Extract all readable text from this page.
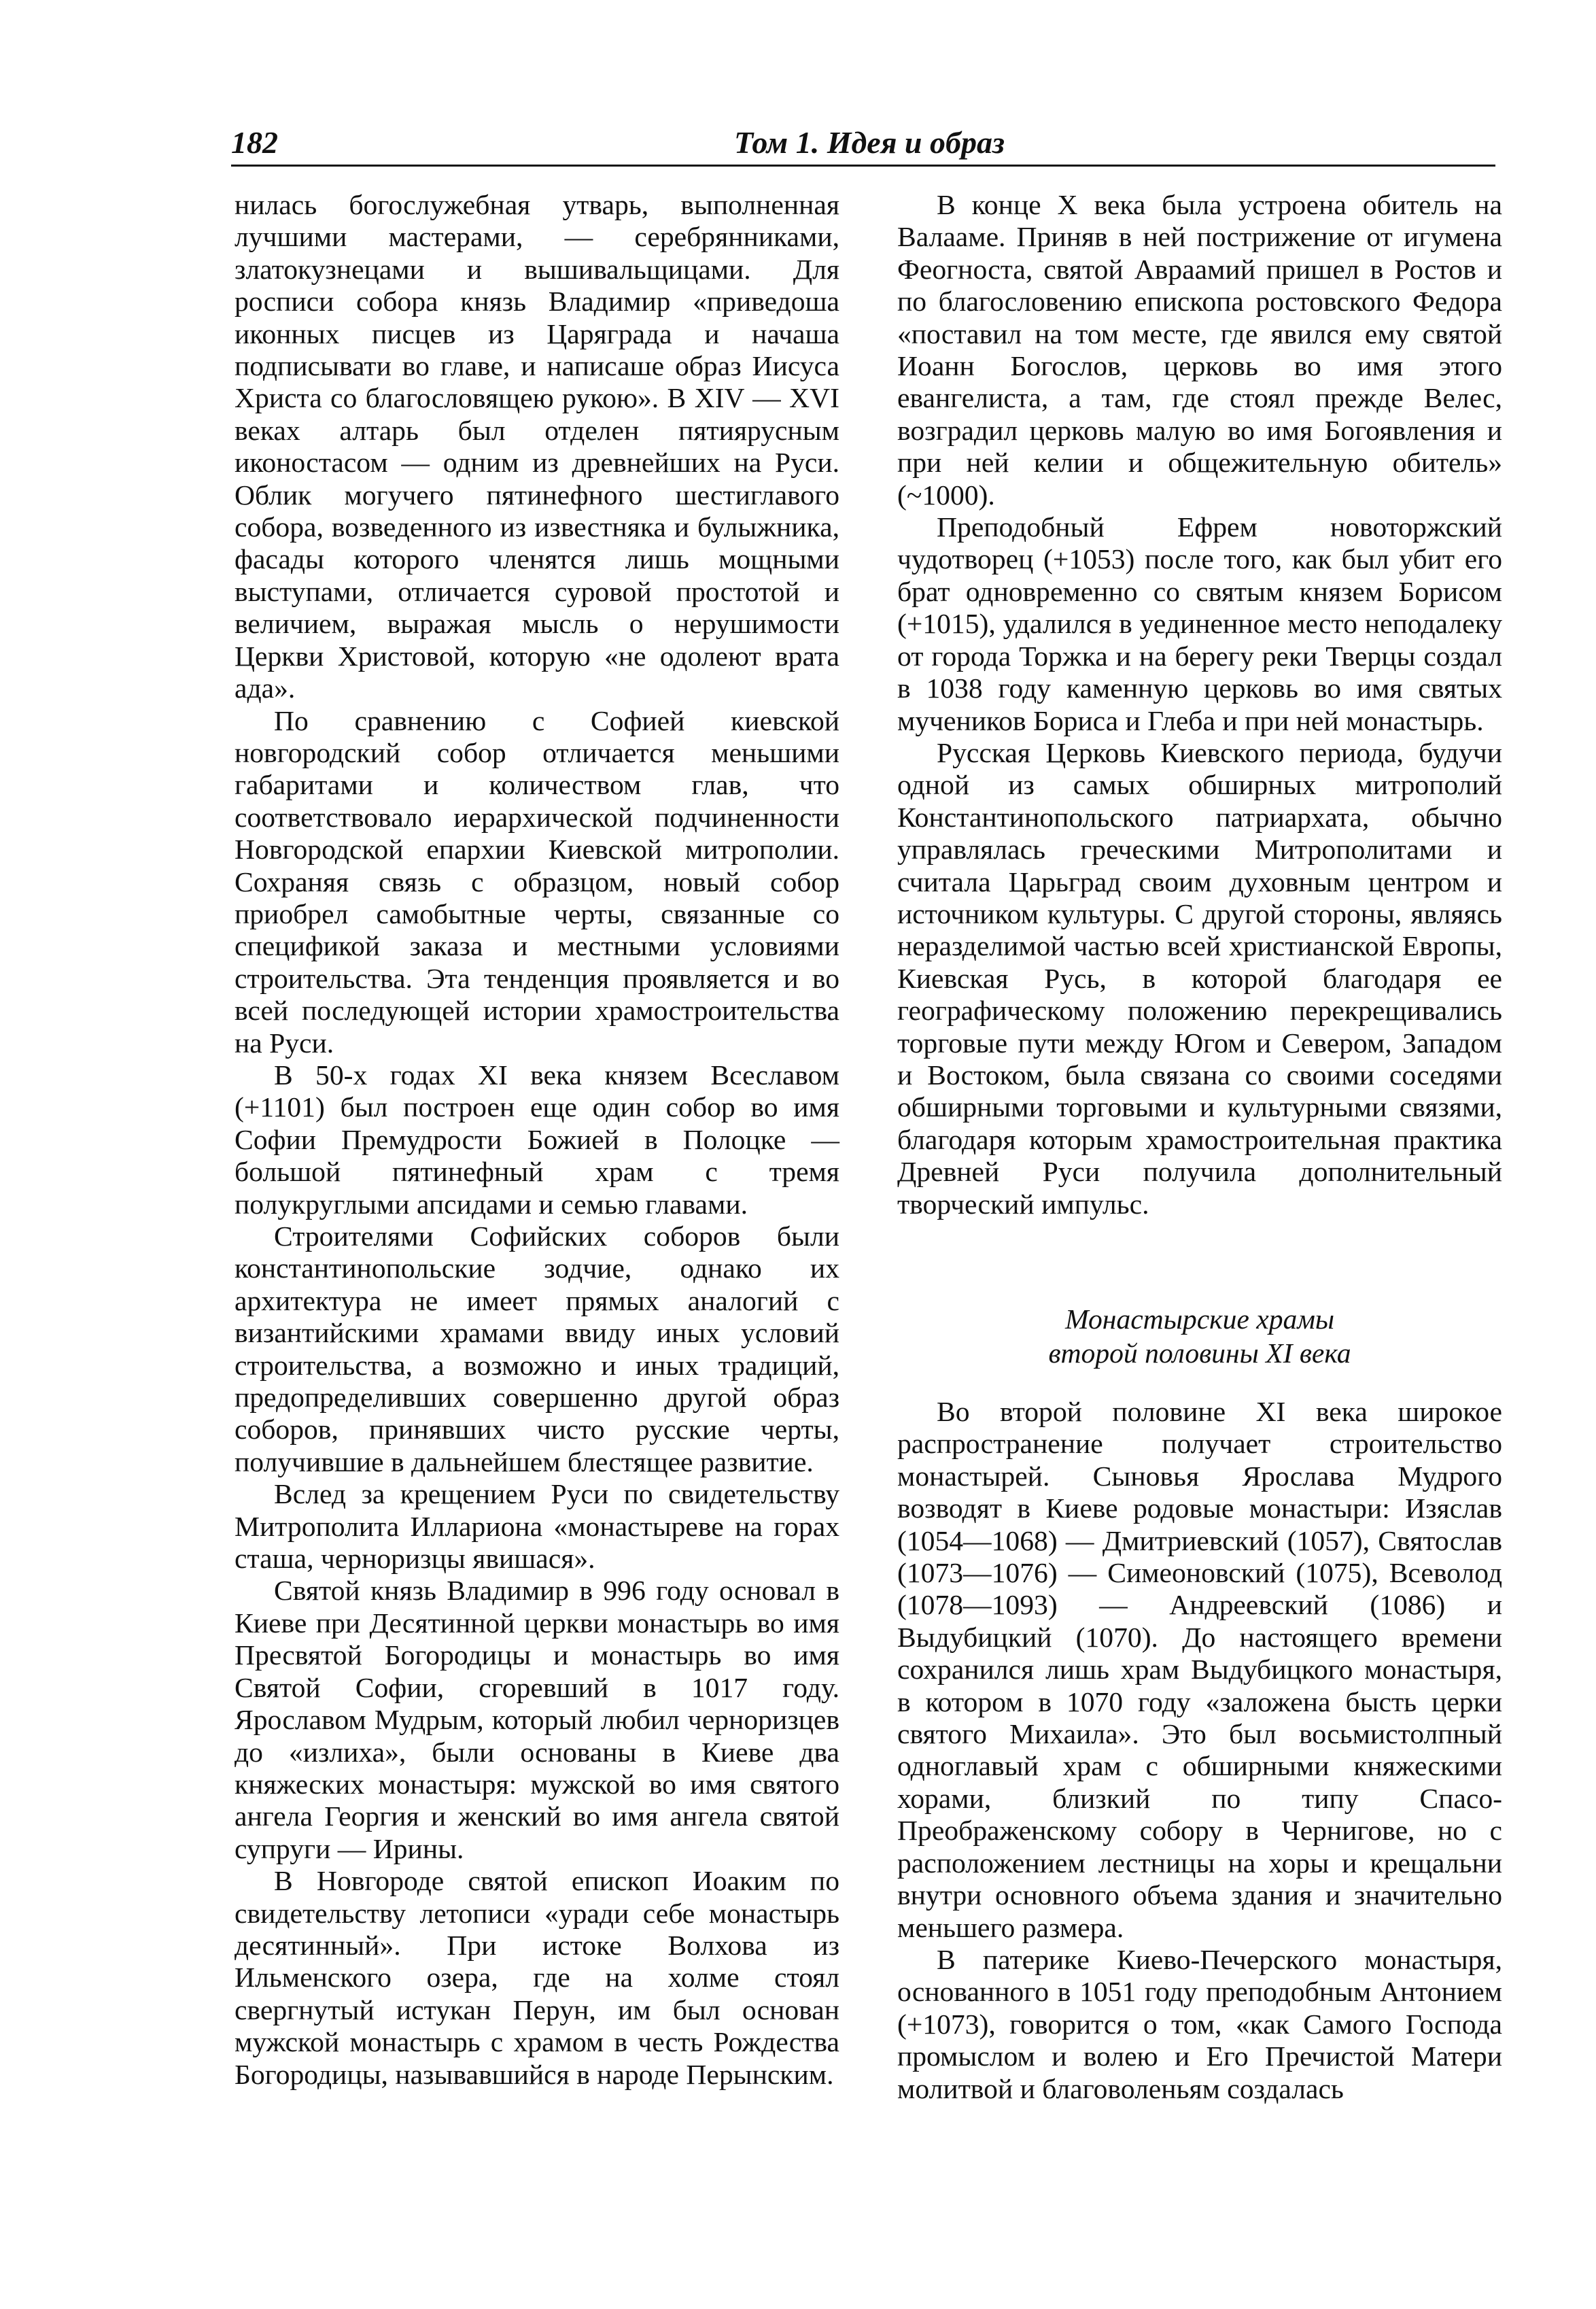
182	Том 1. Идея и образ

нилась богослужебная утварь, выполненная лучшими мастерами, — серебрянниками, златокузнецами и вышивальщицами. Для росписи собора князь Владимир «приведоша иконных писцев из Царяграда и начаша подписывати во главе, и написаше образ Иисуса Христа со благословящею рукою». В XIV — XVI веках алтарь был отделен пятиярусным иконостасом — одним из древнейших на Руси. Облик могучего пятинефного шестиглавого собора, возведенного из известняка и булыжника, фасады которого членятся лишь мощными выступами, отличается суровой простотой и величием, выражая мысль о нерушимости Церкви Христовой, которую «не одолеют врата ада».

По сравнению с Софией киевской новгородский собор отличается меньшими габаритами и количеством глав, что соответствовало иерархической подчиненности Новгородской епархии Киевской митрополии. Сохраняя связь с образцом, новый собор приобрел самобытные черты, связанные со спецификой заказа и местными условиями строительства. Эта тенденция проявляется и во всей последующей истории храмостроительства на Руси.

В 50-х годах XI века князем Всеславом (+1101) был построен еще один собор во имя Софии Премудрости Божией в Полоцке — большой пятинефный храм с тремя полукруглыми апсидами и семью главами.

Строителями Софийских соборов были константинопольские зодчие, однако их архитектура не имеет прямых аналогий с византийскими храмами ввиду иных условий строительства, а возможно и иных традиций, предопределивших совершенно другой образ соборов, принявших чисто русские черты, получившие в дальнейшем блестящее развитие.

Вслед за крещением Руси по свидетельству Митрополита Иллариона «монастыреве на горах сташа, черноризцы явишася».

Святой князь Владимир в 996 году основал в Киеве при Десятинной церкви монастырь во имя Пресвятой Богородицы и монастырь во имя Святой Софии, сгоревший в 1017 году. Ярославом Мудрым, который любил черноризцев до «излиха», были основаны в Киеве два княжеских монастыря: мужской во имя святого ангела Георгия и женский во имя ангела святой супруги — Ирины.

В Новгороде святой епископ Иоаким по свидетельству летописи «уради себе монастырь десятинный». При истоке Волхова из Ильменского озера, где на холме стоял свергнутый истукан Перун, им был основан мужской монастырь с храмом в честь Рождества Богородицы, называвшийся в народе Перынским.

В конце X века была устроена обитель на Валааме. Приняв в ней пострижение от игумена Феогноста, святой Авраамий пришел в Ростов и по благословению епископа ростовского Федора «поставил на том месте, где явился ему святой Иоанн Богослов, церковь во имя этого евангелиста, а там, где стоял прежде Велес, возградил церковь малую во имя Богоявления и при ней келии и общежительную обитель» (~1000).

Преподобный Ефрем новоторжский чудотворец (+1053) после того, как был убит его брат одновременно со святым князем Борисом (+1015), удалился в уединенное место неподалеку от города Торжка и на берегу реки Тверцы создал в 1038 году каменную церковь во имя святых мучеников Бориса и Глеба и при ней монастырь.

Русская Церковь Киевского периода, будучи одной из самых обширных митрополий Константинопольского патриархата, обычно управлялась греческими Митрополитами и считала Царьград своим духовным центром и источником культуры. С другой стороны, являясь неразделимой частью всей христианской Европы, Киевская Русь, в которой благодаря ее географическому положению перекрещивались торговые пути между Югом и Севером, Западом и Востоком, была связана со своими соседями обширными торговыми и культурными связями, благодаря которым храмостроительная практика Древней Руси получила дополнительный творческий импульс.

Монастырские храмы
второй половины XI века

Во второй половине XI века широкое распространение получает строительство монастырей. Сыновья Ярослава Мудрого возводят в Киеве родовые монастыри: Изяслав (1054—1068) — Дмитриевский (1057), Святослав (1073—1076) — Симеоновский (1075), Всеволод (1078—1093) — Андреевский (1086) и Выдубицкий (1070). До настоящего времени сохранился лишь храм Выдубицкого монастыря, в котором в 1070 году «заложена бысть церки святого Михаила». Это был восьмистолпный одноглавый храм с обширными княжескими хорами, близкий по типу Спасо-Преображенскому собору в Чернигове, но с расположением лестницы на хоры и крещальни внутри основного объема здания и значительно меньшего размера.

В патерике Киево-Печерского монастыря, основанного в 1051 году преподобным Антонием (+1073), говорится о том, «как Самого Господа промыслом и волею и Его Пречистой Матери молитвой и благоволеньям создалась
